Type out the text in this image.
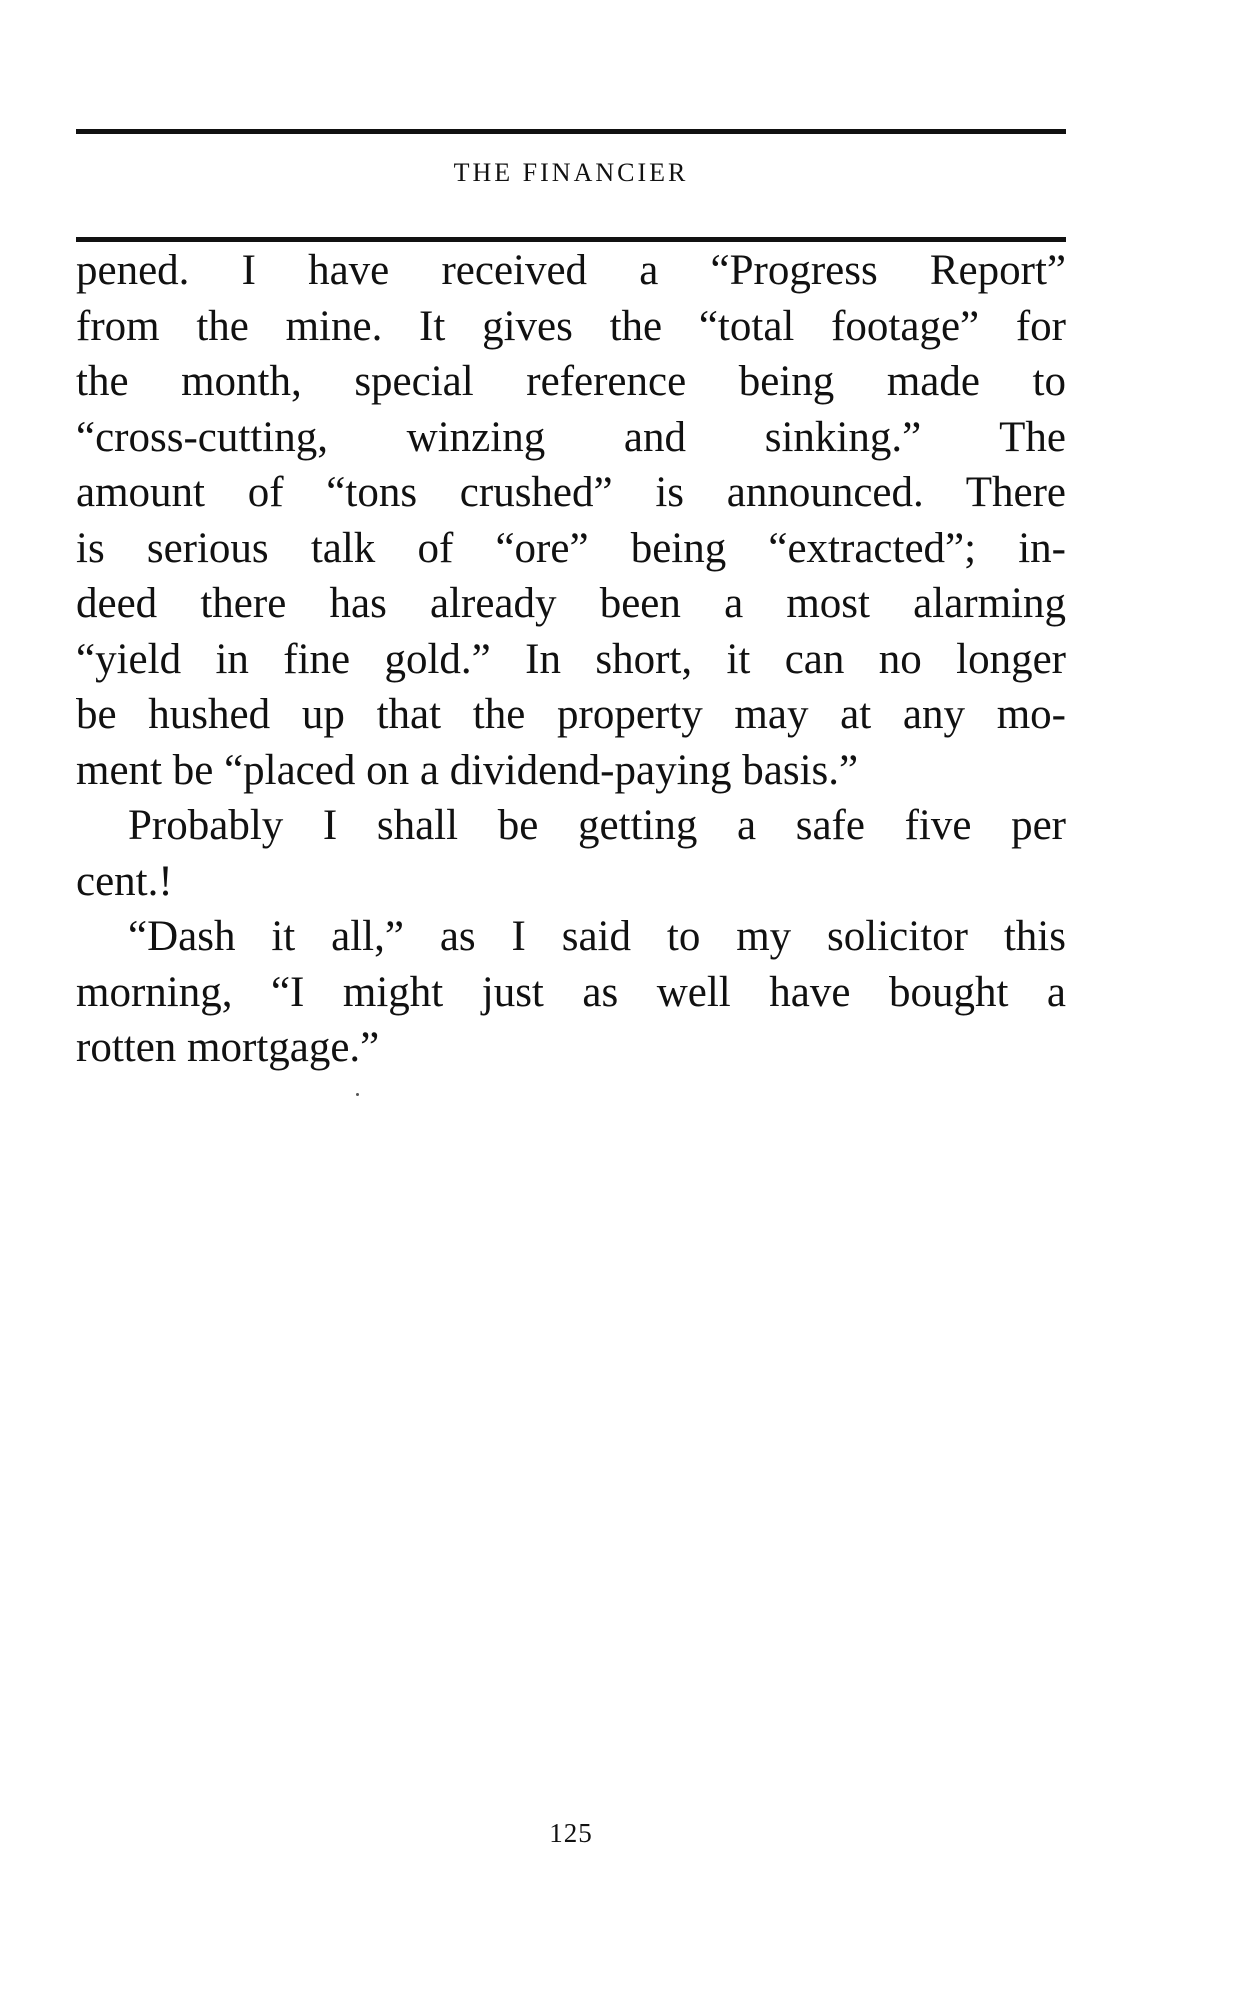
THE FINANCIER
pened. I have received a “Progress Report”
from the mine. It gives the “total footage” for
the month, special reference being made to
“cross-cutting, winzing and sinking.” The
amount of “tons crushed” is announced. There
is serious talk of “ore” being “extracted”; in-
deed there has already been a most alarming
“yield in fine gold.” In short, it can no longer
be hushed up that the property may at any mo-
ment be “placed on a dividend-paying basis.”
Probably I shall be getting a safe five per
cent.!
“Dash it all,” as I said to my solicitor this
morning, “I might just as well have bought a
rotten mortgage.”
125
